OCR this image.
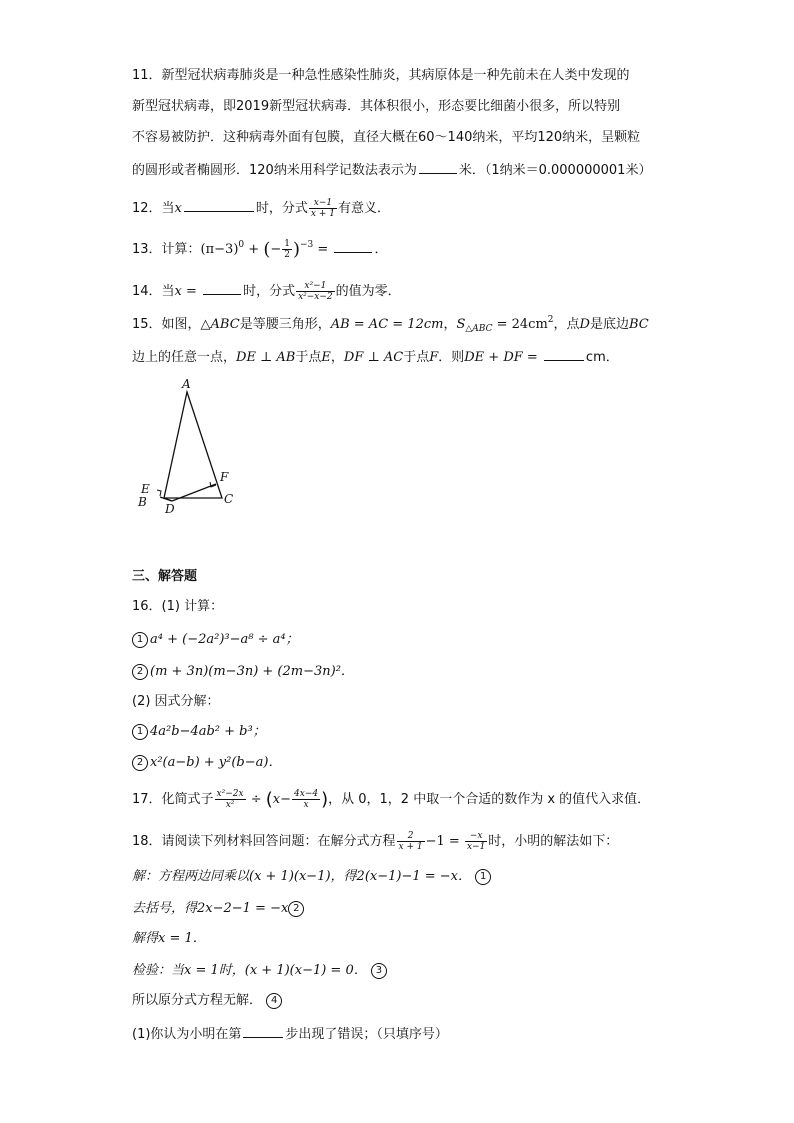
11．新型冠状病毒肺炎是一种急性感染性肺炎，其病原体是一种先前未在人类中发现的
新型冠状病毒，即2019新型冠状病毒．其体积很小，形态要比细菌小很多，所以特别
不容易被防护．这种病毒外面有包膜，直径大概在60～140纳米，平均120纳米，呈颗粒
的圆形或者椭圆形．120纳米用科学记数法表示为	米．（1纳米＝0.000000001米）
12．当x	时，分式 $\frac{x-1}{x + 1}$ 有意义．
13．计算：$(\pi-3)^0$ + (− $\frac{1}{2} )^{-3}$ =	．
14．当x =	时，分式 $\frac{\text{x²−1}}{\text{x²−x−2}}$ 的值为零．
15．如图，△ABC是等腰三角形，AB = AC = 12cm，$S_{\triangle ABC} = 24cm^2$，点D是底边BC
边上的任意一点，DE ⊥ AB于点E，DF ⊥ AC于点F．则DE + DF =	cm．
A
E
B D
F
C
三、解答题
16．(1) 计算：
1 a⁴ + (−2a²)³−a⁸ ÷ a⁴；
2 (m + 3n)(m−3n) + (2m−3n)²．
(2) 因式分解：
1 4a²b−4ab² + b³；
2 x²(a−b) + y²(b−a)．
17．化简式子 $\frac{\text{x²−2x}}{\text{x²}} \div (x- \frac{4x-4}{x}$ )，从 0，1，2 中取一个合适的数作为 x 的值代入求值．
18．请阅读下列材料回答问题：在解分式方程 $\frac{2}{x + 1} -1 = \frac{-x}{x-1}$ 时，小明的解法如下：
解：方程两边同乘以(x + 1)(x−1)，得2(x−1)−1 = −x． 1
去括号，得2x−2−1 = −x 2
解得x = 1．
检验：当x = 1时，(x + 1)(x−1) = 0． 3
所以原分式方程无解． 4
(1)你认为小明在第	步出现了错误；（只填序号）
